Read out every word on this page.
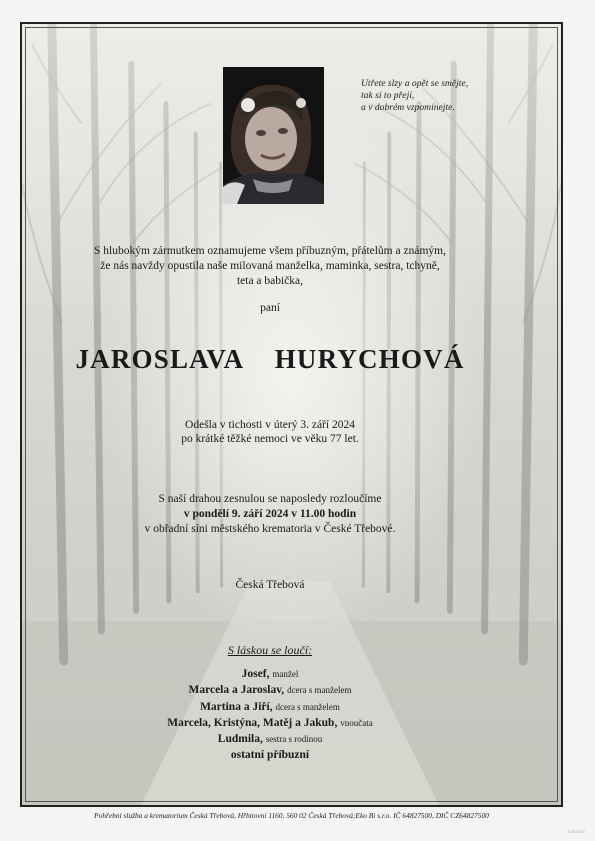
Utřete slzy a opět se smějte,
tak si to přeji,
a v dobrém vzpomínejte.
S hlubokým zármutkem oznamujeme všem příbuzným, přátelům a známým,
že nás navždy opustila naše milovaná manželka, maminka, sestra, tchyně,
teta a babička,
paní
JAROSLAVA  HURYCHOVÁ
Odešla v tichosti v úterý 3. září 2024
po krátké těžké nemoci ve věku 77 let.
S naší drahou zesnulou se naposledy rozloučíme
v pondělí 9. září 2024 v 11.00 hodin
v obřadní síni městského krematoria v České Třebové.
Česká Třebová
S láskou se loučí:
Josef, manžel
Marcela a Jaroslav, dcera s manželem
Martina a Jiří, dcera s manželem
Marcela, Kristýna, Matěj a Jakub, vnoučata
Ludmila, sestra s rodinou
ostatní příbuzní
Pohřební služba a krematorium Česká Třebová, Hřbitovní 1160, 560 02 Česká Třebová;Eko Bi s.r.o. IČ 64827500, DIČ CZ64827500
S-ND-007
